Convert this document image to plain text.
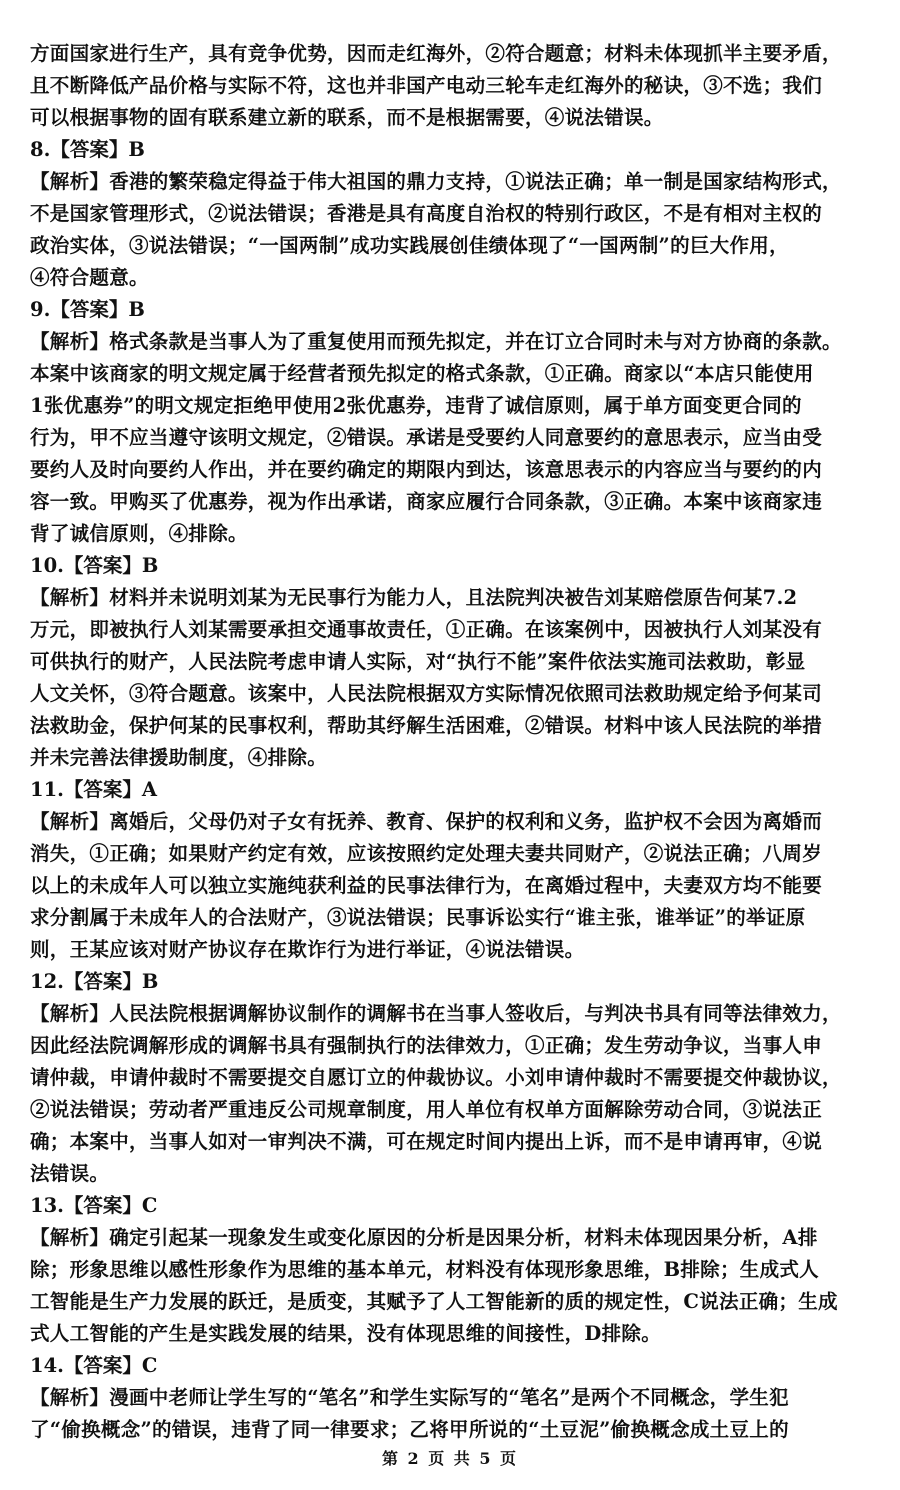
方面国家进行生产，具有竞争优势，因而走红海外，②符合题意；材料未体现抓半主要矛盾，
且不断降低产品价格与实际不符，这也并非国产电动三轮车走红海外的秘诀，③不选；我们
可以根据事物的固有联系建立新的联系，而不是根据需要，④说法错误。
8.【答案】B
【解析】香港的繁荣稳定得益于伟大祖国的鼎力支持，①说法正确；单一制是国家结构形式，
不是国家管理形式，②说法错误；香港是具有高度自治权的特别行政区，不是有相对主权的
政治实体，③说法错误；“一国两制”成功实践展创佳绩体现了“一国两制”的巨大作用，
④符合题意。
9.【答案】B
【解析】格式条款是当事人为了重复使用而预先拟定，并在订立合同时未与对方协商的条款。
本案中该商家的明文规定属于经营者预先拟定的格式条款，①正确。商家以“本店只能使用
1张优惠券”的明文规定拒绝甲使用2张优惠券，违背了诚信原则，属于单方面变更合同的
行为，甲不应当遵守该明文规定，②错误。承诺是受要约人同意要约的意思表示，应当由受
要约人及时向要约人作出，并在要约确定的期限内到达，该意思表示的内容应当与要约的内
容一致。甲购买了优惠券，视为作出承诺，商家应履行合同条款，③正确。本案中该商家违
背了诚信原则，④排除。
10.【答案】B
【解析】材料并未说明刘某为无民事行为能力人，且法院判决被告刘某赔偿原告何某7.2
万元，即被执行人刘某需要承担交通事故责任，①正确。在该案例中，因被执行人刘某没有
可供执行的财产，人民法院考虑申请人实际，对“执行不能”案件依法实施司法救助，彰显
人文关怀，③符合题意。该案中，人民法院根据双方实际情况依照司法救助规定给予何某司
法救助金，保护何某的民事权利，帮助其纾解生活困难，②错误。材料中该人民法院的举措
并未完善法律援助制度，④排除。
11.【答案】A
【解析】离婚后，父母仍对子女有抚养、教育、保护的权利和义务，监护权不会因为离婚而
消失，①正确；如果财产约定有效，应该按照约定处理夫妻共同财产，②说法正确；八周岁
以上的未成年人可以独立实施纯获利益的民事法律行为，在离婚过程中，夫妻双方均不能要
求分割属于未成年人的合法财产，③说法错误；民事诉讼实行“谁主张，谁举证”的举证原
则，王某应该对财产协议存在欺诈行为进行举证，④说法错误。
12.【答案】B
【解析】人民法院根据调解协议制作的调解书在当事人签收后，与判决书具有同等法律效力，
因此经法院调解形成的调解书具有强制执行的法律效力，①正确；发生劳动争议，当事人申
请仲裁，申请仲裁时不需要提交自愿订立的仲裁协议。小刘申请仲裁时不需要提交仲裁协议，
②说法错误；劳动者严重违反公司规章制度，用人单位有权单方面解除劳动合同，③说法正
确；本案中，当事人如对一审判决不满，可在规定时间内提出上诉，而不是申请再审，④说
法错误。
13.【答案】C
【解析】确定引起某一现象发生或变化原因的分析是因果分析，材料未体现因果分析，A排
除；形象思维以感性形象作为思维的基本单元，材料没有体现形象思维，B排除；生成式人
工智能是生产力发展的跃迁，是质变，其赋予了人工智能新的质的规定性，C说法正确；生成
式人工智能的产生是实践发展的结果，没有体现思维的间接性，D排除。
14.【答案】C
【解析】漫画中老师让学生写的“笔名”和学生实际写的“笔名”是两个不同概念，学生犯
了“偷换概念”的错误，违背了同一律要求；乙将甲所说的“土豆泥”偷换概念成土豆上的
第 2 页 共 5 页
